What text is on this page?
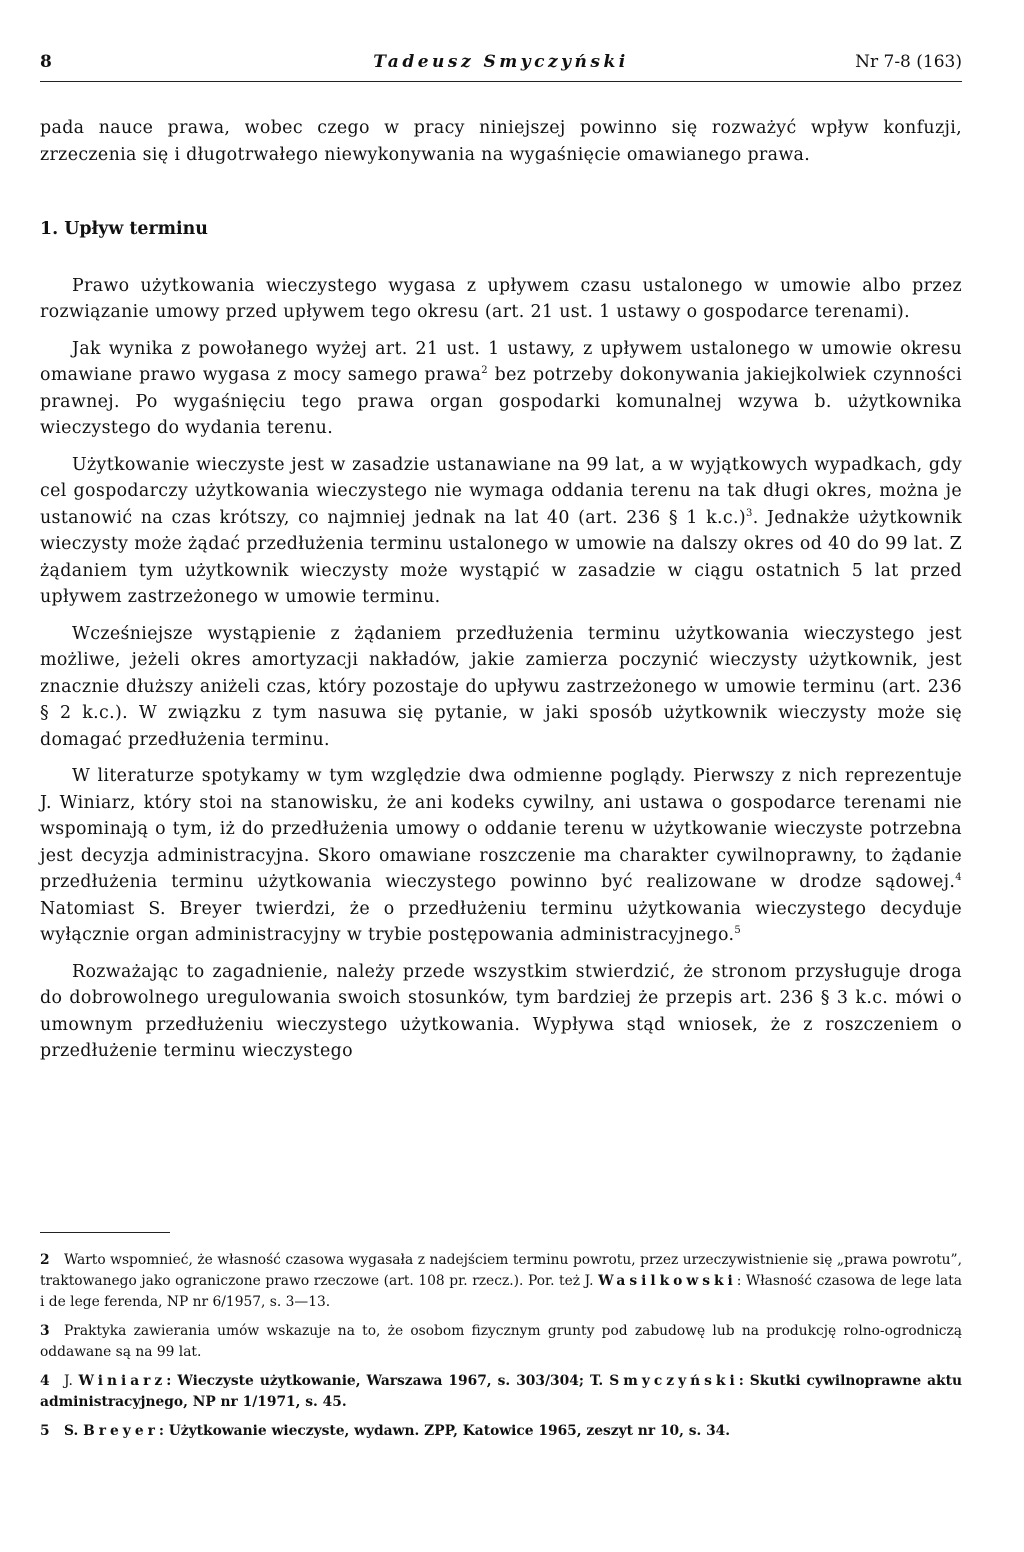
8	Tadeusz Smyczyński	Nr 7-8 (163)

pada nauce prawa, wobec czego w pracy niniejszej powinno się rozważyć wpływ konfuzji, zrzeczenia się i długotrwałego niewykonywania na wygaśnięcie omawianego prawa.

1. Upływ terminu

Prawo użytkowania wieczystego wygasa z upływem czasu ustalonego w umowie albo przez rozwiązanie umowy przed upływem tego okresu (art. 21 ust. 1 ustawy o gospodarce terenami).

Jak wynika z powołanego wyżej art. 21 ust. 1 ustawy, z upływem ustalonego w umowie okresu omawiane prawo wygasa z mocy samego prawa$^2$ bez potrzeby dokonywania jakiejkolwiek czynności prawnej. Po wygaśnięciu tego prawa organ gospodarki komunalnej wzywa b. użytkownika wieczystego do wydania terenu.

Użytkowanie wieczyste jest w zasadzie ustanawiane na 99 lat, a w wyjątkowych wypadkach, gdy cel gospodarczy użytkowania wieczystego nie wymaga oddania terenu na tak długi okres, można je ustanowić na czas krótszy, co najmniej jednak na lat 40 (art. 236 § 1 k.c.)$^3$. Jednakże użytkownik wieczysty może żądać przedłużenia terminu ustalonego w umowie na dalszy okres od 40 do 99 lat. Z żądaniem tym użytkownik wieczysty może wystąpić w zasadzie w ciągu ostatnich 5 lat przed upływem zastrzeżonego w umowie terminu.

Wcześniejsze wystąpienie z żądaniem przedłużenia terminu użytkowania wieczystego jest możliwe, jeżeli okres amortyzacji nakładów, jakie zamierza poczynić wieczysty użytkownik, jest znacznie dłuższy aniżeli czas, który pozostaje do upływu zastrzeżonego w umowie terminu (art. 236 § 2 k.c.). W związku z tym nasuwa się pytanie, w jaki sposób użytkownik wieczysty może się domagać przedłużenia terminu.

W literaturze spotykamy w tym względzie dwa odmienne poglądy. Pierwszy z nich reprezentuje J. Winiarz, który stoi na stanowisku, że ani kodeks cywilny, ani ustawa o gospodarce terenami nie wspominają o tym, iż do przedłużenia umowy o oddanie terenu w użytkowanie wieczyste potrzebna jest decyzja administracyjna. Skoro omawiane roszczenie ma charakter cywilnoprawny, to żądanie przedłużenia terminu użytkowania wieczystego powinno być realizowane w drodze sądowej.$^4$ Natomiast S. Breyer twierdzi, że o przedłużeniu terminu użytkowania wieczystego decyduje wyłącznie organ administracyjny w trybie postępowania administracyjnego.$^5$

Rozważając to zagadnienie, należy przede wszystkim stwierdzić, że stronom przysługuje droga do dobrowolnego uregulowania swoich stosunków, tym bardziej że przepis art. 236 § 3 k.c. mówi o umownym przedłużeniu wieczystego użytkowania. Wypływa stąd wniosek, że z roszczeniem o przedłużenie terminu wieczystego

2 Warto wspomnieć, że własność czasowa wygasała z nadejściem terminu powrotu, przez urzeczywistnienie się „prawa powrotu”, traktowanego jako ograniczone prawo rzeczowe (art. 108 pr. rzecz.). Por. też J. Wasilkowski: Własność czasowa de lege lata i de lege ferenda, NP nr 6/1957, s. 3—13.

3 Praktyka zawierania umów wskazuje na to, że osobom fizycznym grunty pod zabudowę lub na produkcję rolno-ogrodniczą oddawane są na 99 lat.

4 J. Winiarz: Wieczyste użytkowanie, Warszawa 1967, s. 303/304; T. Smyczyński: Skutki cywilnoprawne aktu administracyjnego, NP nr 1/1971, s. 45.

5 S. Breyer: Użytkowanie wieczyste, wydawn. ZPP, Katowice 1965, zeszyt nr 10, s. 34.
